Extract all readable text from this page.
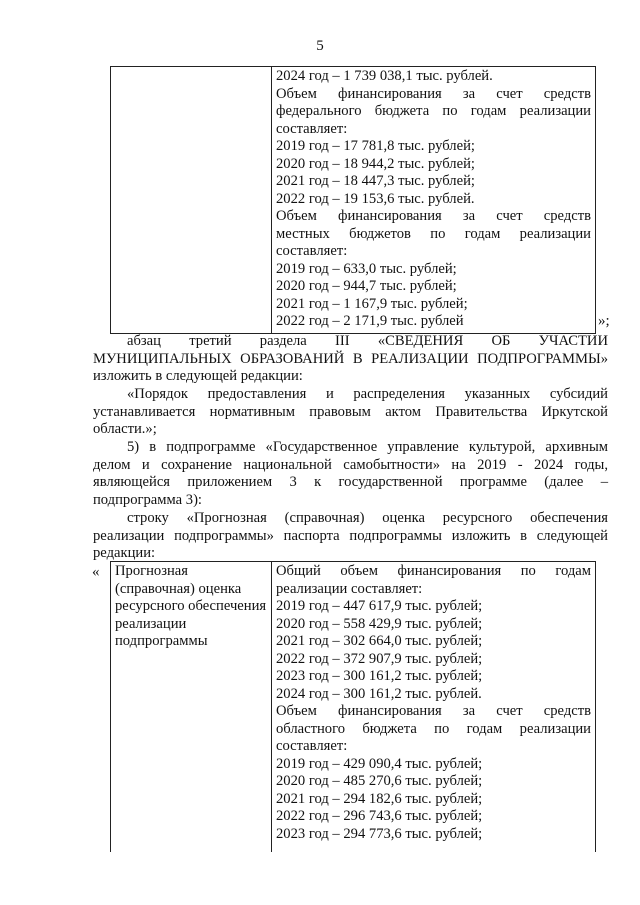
5
2024 год – 1 739 038,1 тыс. рублей.
Объем финансирования за счет средств
федерального бюджета по годам реализации
составляет:
2019 год – 17 781,8 тыс. рублей;
2020 год – 18 944,2 тыс. рублей;
2021 год – 18 447,3 тыс. рублей;
2022 год – 19 153,6 тыс. рублей.
Объем финансирования за счет средств
местных бюджетов по годам реализации
составляет:
2019 год – 633,0 тыс. рублей;
2020 год – 944,7 тыс. рублей;
2021 год – 1 167,9 тыс. рублей;
2022 год – 2 171,9 тыс. рублей	»;
абзац третий раздела III «СВЕДЕНИЯ ОБ УЧАСТИИ
МУНИЦИПАЛЬНЫХ ОБРАЗОВАНИЙ В РЕАЛИЗАЦИИ ПОДПРОГРАММЫ»
изложить в следующей редакции:
«Порядок предоставления и распределения указанных субсидий
устанавливается нормативным правовым актом Правительства Иркутской
области.»;
5) в подпрограмме «Государственное управление культурой, архивным
делом и сохранение национальной самобытности» на 2019 - 2024 годы,
являющейся приложением 3 к государственной программе (далее –
подпрограмма 3):
строку «Прогнозная (справочная) оценка ресурсного обеспечения
реализации подпрограммы» паспорта подпрограммы изложить в следующей
редакции:
« Прогнозная
(справочная) оценка
ресурсного обеспечения
реализации
подпрограммы
Общий объем финансирования по годам
реализации составляет:
2019 год – 447 617,9 тыс. рублей;
2020 год – 558 429,9 тыс. рублей;
2021 год – 302 664,0 тыс. рублей;
2022 год – 372 907,9 тыс. рублей;
2023 год – 300 161,2 тыс. рублей;
2024 год – 300 161,2 тыс. рублей.
Объем финансирования за счет средств
областного бюджета по годам реализации
составляет:
2019 год – 429 090,4 тыс. рублей;
2020 год – 485 270,6 тыс. рублей;
2021 год – 294 182,6 тыс. рублей;
2022 год – 296 743,6 тыс. рублей;
2023 год – 294 773,6 тыс. рублей;
